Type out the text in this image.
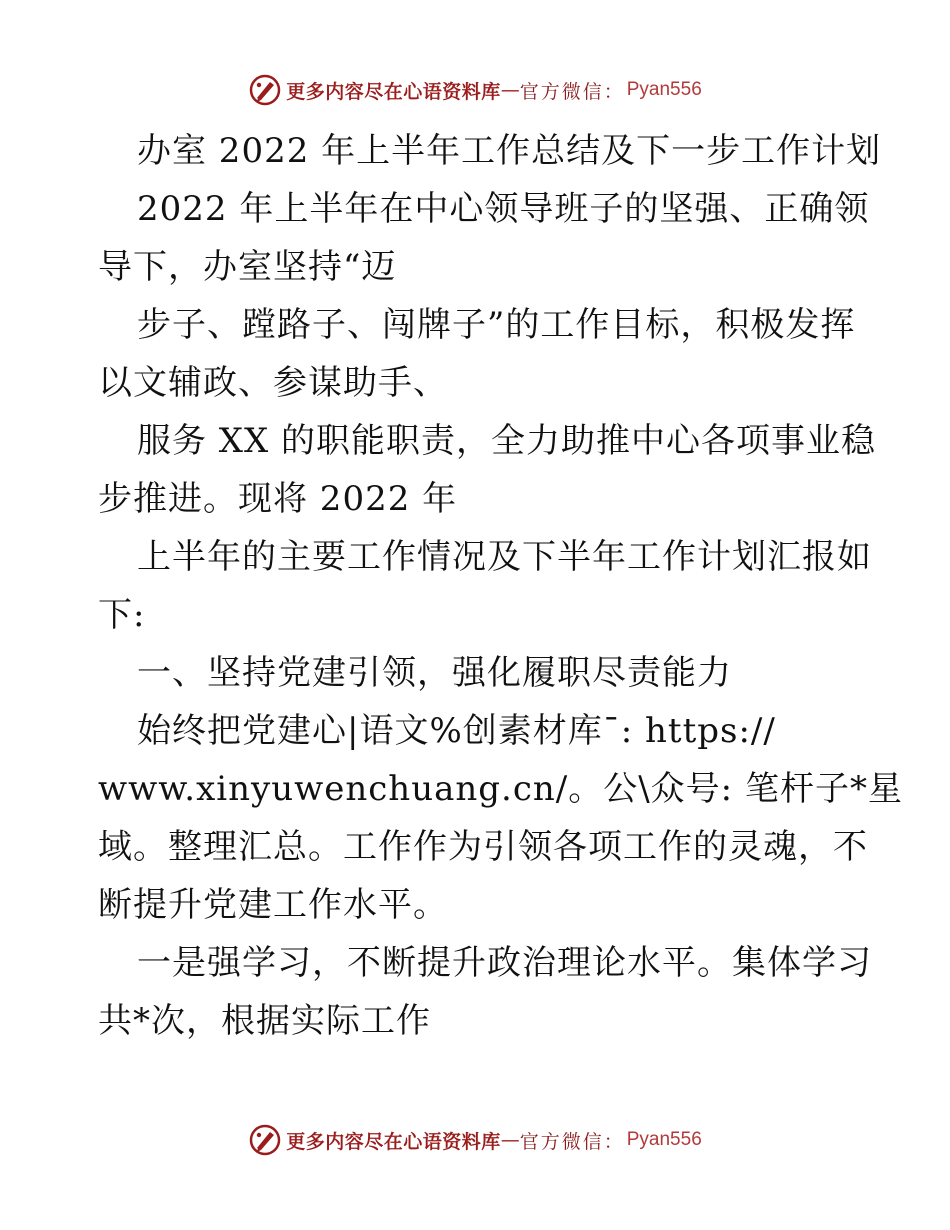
更多内容尽在心语资料库 — 官方微信： Pyan556
办室 2022 年上半年工作总结及下一步工作计划
2022 年上半年在中心领导班子的坚强、正确领
导下，办室坚持“迈
步子、蹚路子、闯牌子”的工作目标，积极发挥
以文辅政、参谋助手、
服务 XX 的职能职责，全力助推中心各项事业稳
步推进。现将 2022 年
上半年的主要工作情况及下半年工作计划汇报如
下:
一、坚持党建引领，强化履职尽责能力
始终把党建心|语文%创素材库¯: https://
www.xinyuwenchuang.cn/。公\众号: 笔杆子*星
域。整理汇总。工作作为引领各项工作的灵魂，不
断提升党建工作水平。
一是强学习，不断提升政治理论水平。集体学习
共*次，根据实际工作
更多内容尽在心语资料库 — 官方微信： Pyan556
